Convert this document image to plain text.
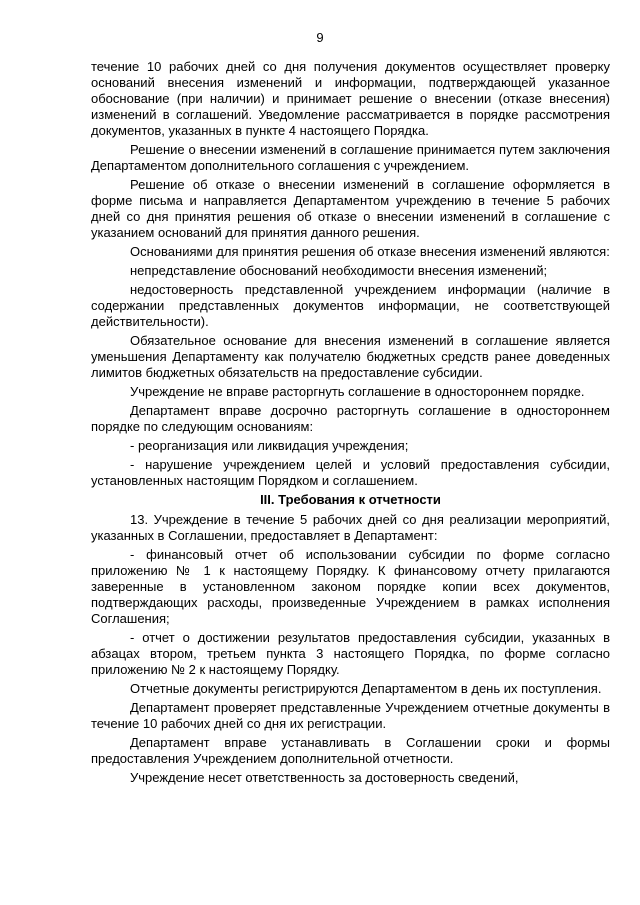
9

течение 10 рабочих дней со дня получения документов осуществляет проверку оснований внесения изменений и информации, подтверждающей указанное обоснование (при наличии) и принимает решение о внесении (отказе внесения) изменений в соглашений. Уведомление рассматривается в порядке рассмотрения документов, указанных в пункте 4 настоящего Порядка.

Решение о внесении изменений в соглашение принимается путем заключения Департаментом дополнительного соглашения с учреждением.

Решение об отказе о внесении изменений в соглашение оформляется в форме письма и направляется Департаментом учреждению в течение 5 рабочих дней со дня принятия решения об отказе о внесении изменений в соглашение с указанием оснований для принятия данного решения.

Основаниями для принятия решения об отказе внесения изменений являются:

непредставление обоснований необходимости внесения изменений;

недостоверность представленной учреждением информации (наличие в содержании представленных документов информации, не соответствующей действительности).

Обязательное основание для внесения изменений в соглашение является уменьшения Департаменту как получателю бюджетных средств ранее доведенных лимитов бюджетных обязательств на предоставление субсидии.

Учреждение не вправе расторгнуть соглашение в одностороннем порядке.

Департамент вправе досрочно расторгнуть соглашение в одностороннем порядке по следующим основаниям:

- реорганизация или ликвидация учреждения;

- нарушение учреждением целей и условий предоставления субсидии, установленных настоящим Порядком и соглашением.

III. Требования к отчетности

13. Учреждение в течение 5 рабочих дней со дня реализации мероприятий, указанных в Соглашении, предоставляет в Департамент:

- финансовый отчет об использовании субсидии по форме согласно приложению № 1 к настоящему Порядку. К финансовому отчету прилагаются заверенные в установленном законом порядке копии всех документов, подтверждающих расходы, произведенные Учреждением в рамках исполнения Соглашения;

- отчет о достижении результатов предоставления субсидии, указанных в абзацах втором, третьем пункта 3 настоящего Порядка, по форме согласно приложению № 2 к настоящему Порядку.

Отчетные документы регистрируются Департаментом в день их поступления.

Департамент проверяет представленные Учреждением отчетные документы в течение 10 рабочих дней со дня их регистрации.

Департамент вправе устанавливать в Соглашении сроки и формы предоставления Учреждением дополнительной отчетности.

Учреждение несет ответственность за достоверность сведений,
